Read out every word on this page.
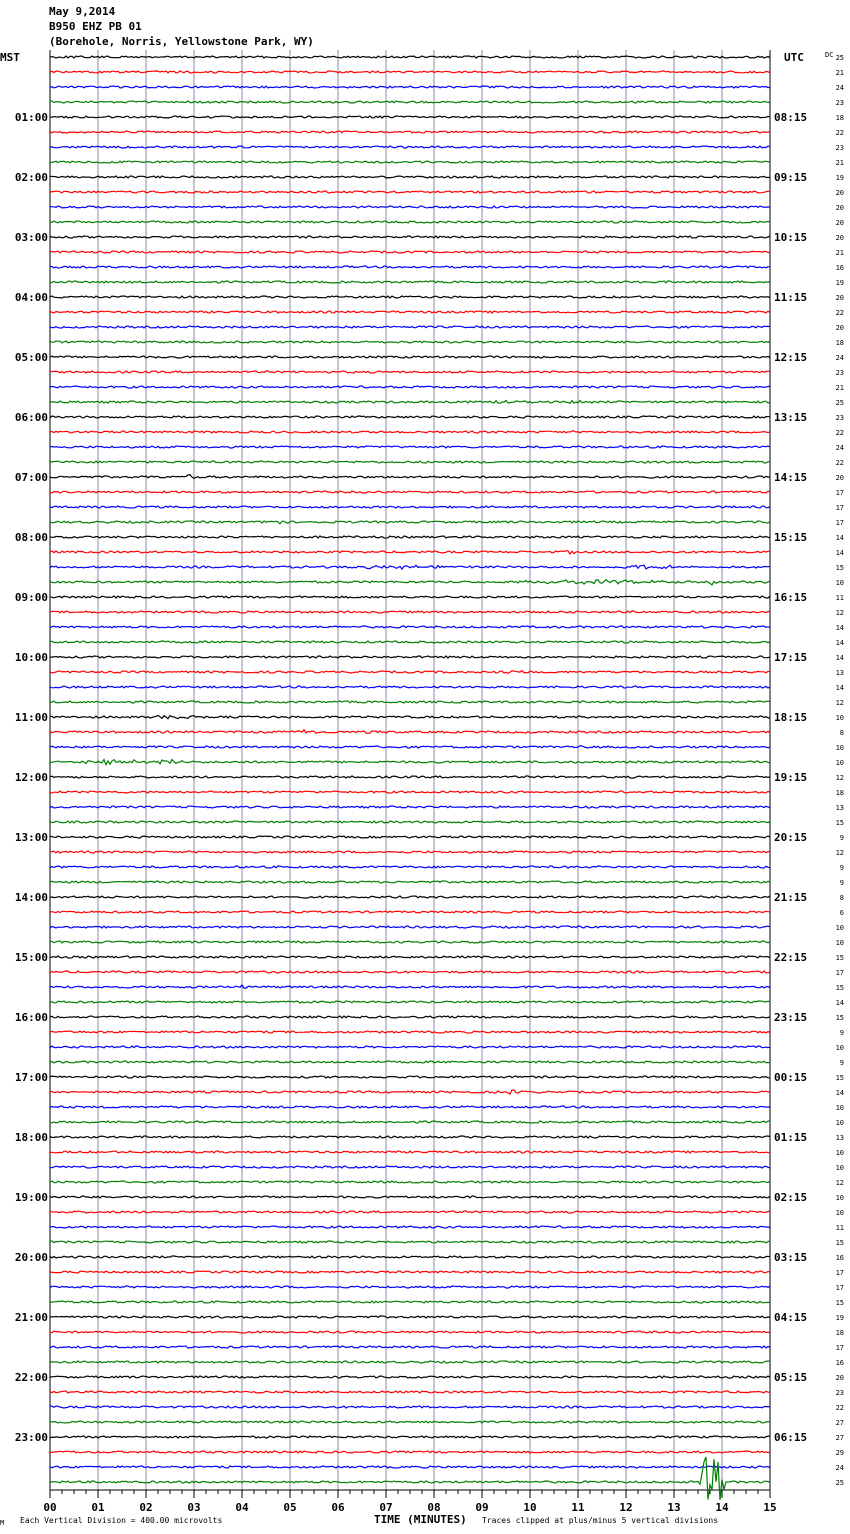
May 9,2014
B950 EHZ PB 01
(Borehole, Norris, Yellowstone Park, WY)
00	01	02	03	04	05	06	07	08	09	10	11	12	13	14	15
01:00	08:15
02:00	09:15
03:00	10:15
04:00	11:15
05:00	12:15
06:00	13:15
07:00	14:15
08:00	15:15
09:00	16:15
10:00	17:15
11:00	18:15
12:00	19:15
13:00	20:15
14:00	21:15
15:00	22:15
16:00	23:15
17:00	00:15
18:00	01:15
19:00	02:15
20:00	03:15
21:00	04:15
22:00	05:15
23:00	06:15
25
21
24
23
18
22
23
21
19
20
20
20
20
21
16
19
20
22
20
18
24
23
21
25
23
22
24
22
20
17
17
17
14
14
15
10
11
12
14
14
14
13
14
12
10
8
10
10
12
18
13
15
9
12
9
9
8
6
10
10
15
17
15
14
15
9
10
9
15
14
10
10
13
10
10
12
10
10
11
15
16
17
17
15
19
18
17
16
20
23
22
27
27
29
24
25
MST	UTC	DC
M Each Vertical Division = 400.00 microvolts	TIME (MINUTES) Traces clipped at plus/minus 5 vertical divisions
